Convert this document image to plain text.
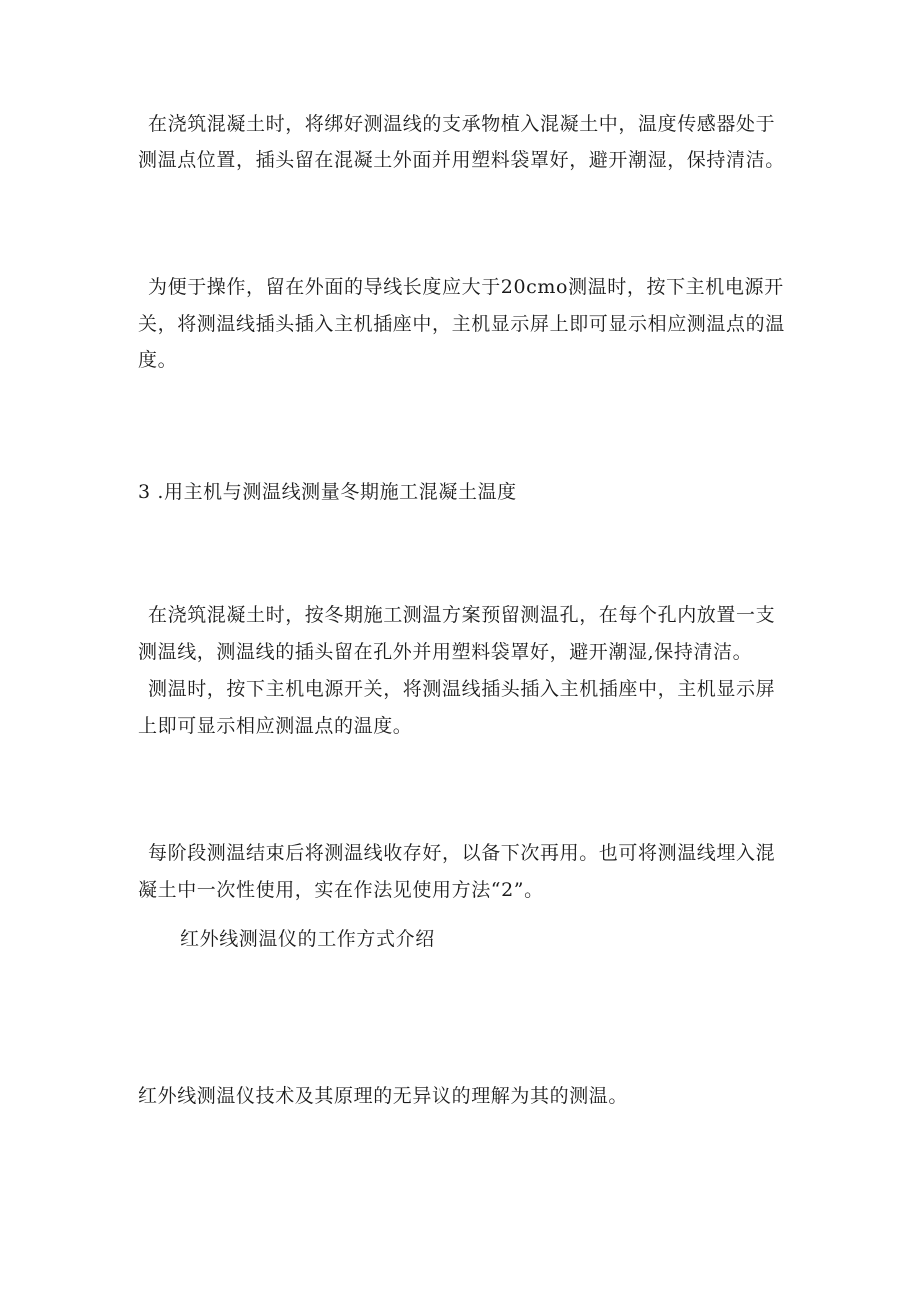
在浇筑混凝土时，将绑好测温线的支承物植入混凝土中，温度传感器处于

测温点位置，插头留在混凝土外面并用塑料袋罩好，避开潮湿，保持清洁。

为便于操作，留在外面的导线长度应大于20cmo测温时，按下主机电源开

关，将测温线插头插入主机插座中，主机显示屏上即可显示相应测温点的温

度。

3 .用主机与测温线测量冬期施工混凝土温度

在浇筑混凝土时，按冬期施工测温方案预留测温孔，在每个孔内放置一支

测温线，测温线的插头留在孔外并用塑料袋罩好，避开潮湿,保持清洁。

测温时，按下主机电源开关，将测温线插头插入主机插座中，主机显示屏

上即可显示相应测温点的温度。

每阶段测温结束后将测温线收存好，以备下次再用。也可将测温线埋入混

凝土中一次性使用，实在作法见使用方法“2”。

红外线测温仪的工作方式介绍

红外线测温仪技术及其原理的无异议的理解为其的测温。
